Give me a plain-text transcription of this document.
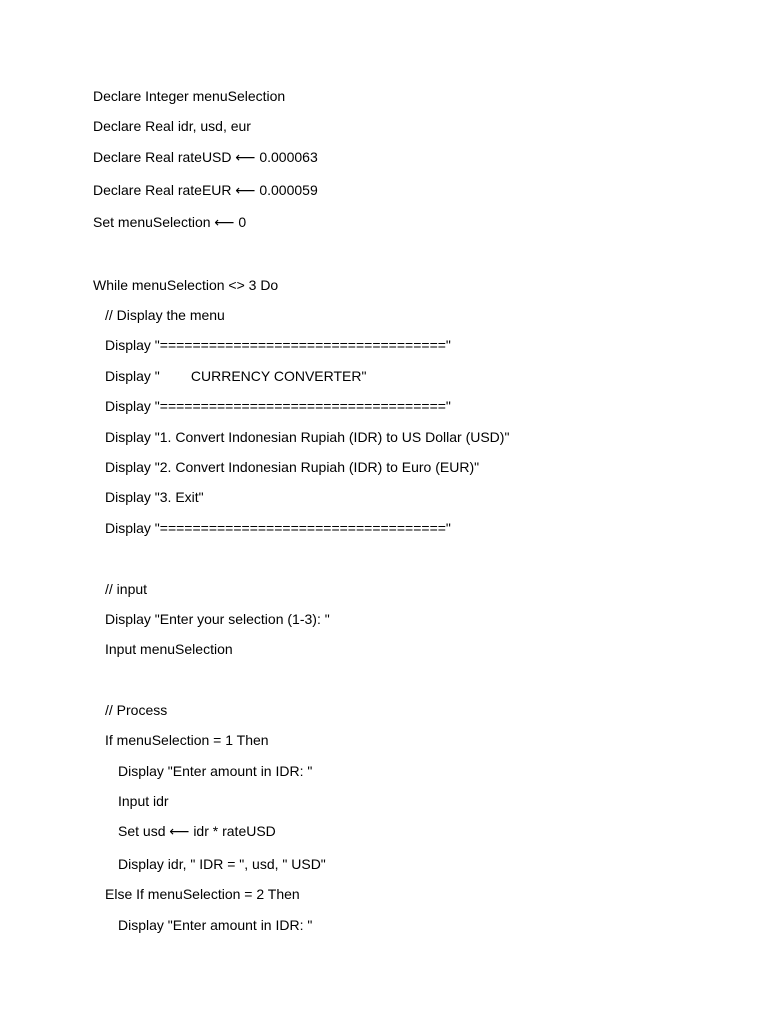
Declare Integer menuSelection
Declare Real idr, usd, eur
Declare Real rateUSD ⟵ 0.000063
Declare Real rateEUR ⟵ 0.000059
Set menuSelection ⟵ 0
While menuSelection <> 3 Do
// Display the menu
Display "==================================="
Display "        CURRENCY CONVERTER"
Display "==================================="
Display "1. Convert Indonesian Rupiah (IDR) to US Dollar (USD)"
Display "2. Convert Indonesian Rupiah (IDR) to Euro (EUR)"
Display "3. Exit"
Display "==================================="
// input
Display "Enter your selection (1-3): "
Input menuSelection
// Process
If menuSelection = 1 Then
Display "Enter amount in IDR: "
Input idr
Set usd ⟵ idr * rateUSD
Display idr, " IDR = ", usd, " USD"
Else If menuSelection = 2 Then
Display "Enter amount in IDR: "
